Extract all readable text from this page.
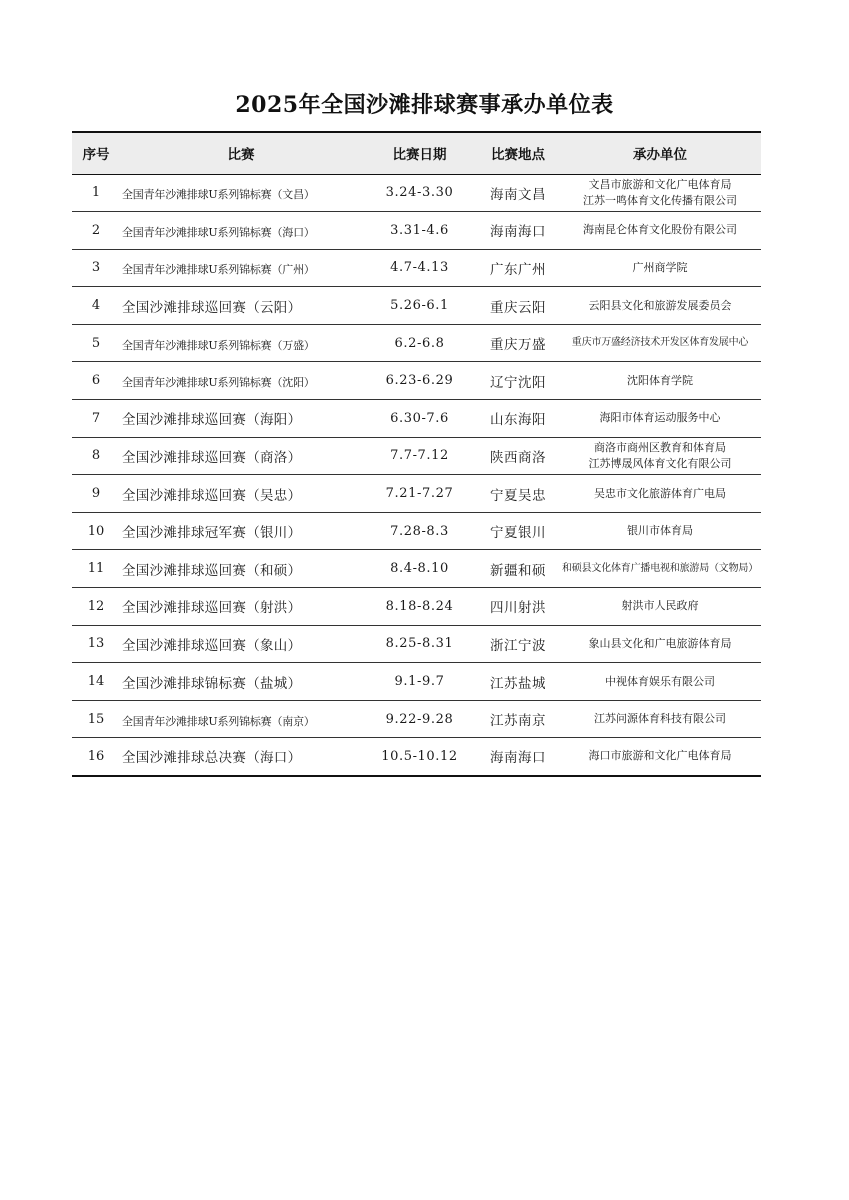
2025年全国沙滩排球赛事承办单位表
序号	比赛	比赛日期	比赛地点	承办单位
1	全国青年沙滩排球U系列锦标赛（文昌）	3.24-3.30	海南文昌	文昌市旅游和文化广电体育局
江苏一鸣体育文化传播有限公司

2	全国青年沙滩排球U系列锦标赛（海口）	3.31-4.6	海南海口	海南昆仑体育文化股份有限公司

3	全国青年沙滩排球U系列锦标赛（广州）	4.7-4.13	广东广州	广州商学院

4	全国沙滩排球巡回赛（云阳）	5.26-6.1	重庆云阳	云阳县文化和旅游发展委员会

5	全国青年沙滩排球U系列锦标赛（万盛）	6.2-6.8	重庆万盛	重庆市万盛经济技术开发区体育发展中心

6	全国青年沙滩排球U系列锦标赛（沈阳）	6.23-6.29	辽宁沈阳	沈阳体育学院

7	全国沙滩排球巡回赛（海阳）	6.30-7.6	山东海阳	海阳市体育运动服务中心

8	全国沙滩排球巡回赛（商洛）	7.7-7.12	陕西商洛	商洛市商州区教育和体育局
江苏博晟风体育文化有限公司

9	全国沙滩排球巡回赛（吴忠）	7.21-7.27	宁夏吴忠	吴忠市文化旅游体育广电局

10	全国沙滩排球冠军赛（银川）	7.28-8.3	宁夏银川	银川市体育局

11	全国沙滩排球巡回赛（和硕）	8.4-8.10	新疆和硕	和硕县文化体育广播电视和旅游局（文物局）

12	全国沙滩排球巡回赛（射洪）	8.18-8.24	四川射洪	射洪市人民政府

13	全国沙滩排球巡回赛（象山）	8.25-8.31	浙江宁波	象山县文化和广电旅游体育局

14	全国沙滩排球锦标赛（盐城）	9.1-9.7	江苏盐城	中视体育娱乐有限公司

15	全国青年沙滩排球U系列锦标赛（南京）	9.22-9.28	江苏南京	江苏问源体育科技有限公司

16	全国沙滩排球总决赛（海口）	10.5-10.12	海南海口	海口市旅游和文化广电体育局
